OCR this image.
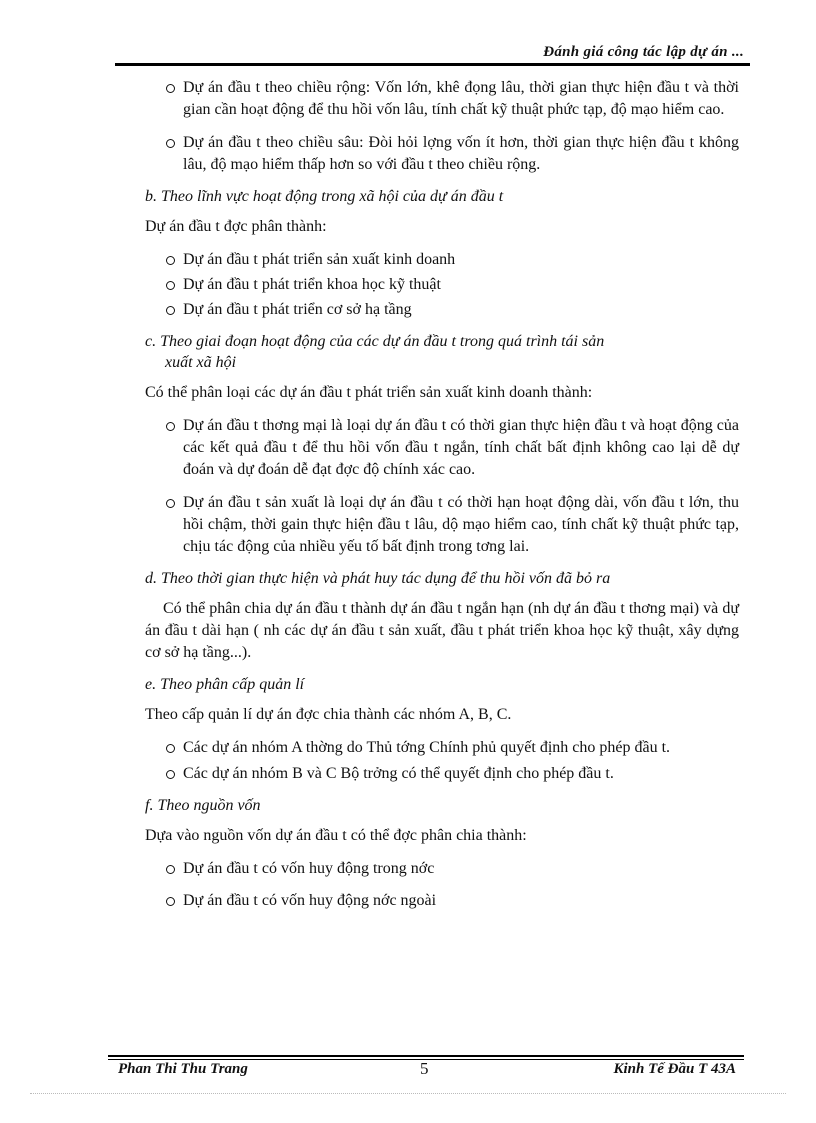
Đánh giá công tác lập dự án ...

Dự án đầu t theo chiều rộng: Vốn lớn, khê đọng lâu, thời gian thực hiện đầu t và thời gian cần hoạt động để thu hồi vốn lâu, tính chất kỹ thuật phức tạp, độ mạo hiểm cao.

Dự án đầu t theo chiều sâu: Đòi hỏi lợng vốn ít hơn, thời gian thực hiện đầu t không lâu, độ mạo hiểm thấp hơn so với đầu t theo chiều rộng.

b. Theo lĩnh vực hoạt động trong xã hội của dự án đầu t

Dự án đầu t đợc phân thành:

Dự án đầu t phát triển sản xuất kinh doanh

Dự án đầu t phát triển khoa học kỹ thuật

Dự án đầu t phát triển cơ sở hạ tầng

c. Theo giai đoạn hoạt động của các dự án đầu t trong quá trình tái sản

xuất xã hội

Có thể phân loại các dự án đầu t phát triển sản xuất kinh doanh thành:

Dự án đầu t thơng mại là loại dự án đầu t có thời gian thực hiện đầu t và hoạt động của các kết quả đầu t để thu hồi vốn đầu t ngắn, tính chất bất định không cao lại dễ dự đoán và dự đoán dễ đạt đợc độ chính xác cao.

Dự án đầu t sản xuất là loại dự án đầu t có thời hạn hoạt động dài, vốn đầu t lớn, thu hồi chậm, thời gain thực hiện đầu t lâu, dộ mạo hiểm cao, tính chất kỹ thuật phức tạp, chịu tác động của nhiều yếu tố bất định trong tơng lai.

d. Theo thời gian thực hiện và phát huy tác dụng để thu hồi vốn đã bỏ ra

Có thể phân chia dự án đầu t thành dự án đầu t ngắn hạn (nh dự án đầu t thơng mại) và dự án đầu t dài hạn ( nh các dự án đầu t sản xuất, đầu t phát triển khoa học kỹ thuật, xây dựng cơ sở hạ tầng...).

e. Theo phân cấp quản lí

Theo cấp quản lí dự án đợc chia thành các nhóm A, B, C.

Các dự án nhóm A thờng do Thủ tớng Chính phủ quyết định cho phép đầu t.

Các dự án nhóm B và C Bộ trởng có thể quyết định cho phép đầu t.

f. Theo nguồn vốn

Dựa vào nguồn vốn dự án đầu t có thể đợc phân chia thành:

Dự án đầu t có vốn huy động trong nớc

Dự án đầu t có vốn huy động nớc ngoài

Phan Thi Thu Trang	5	Kinh Tế Đầu T 43A
